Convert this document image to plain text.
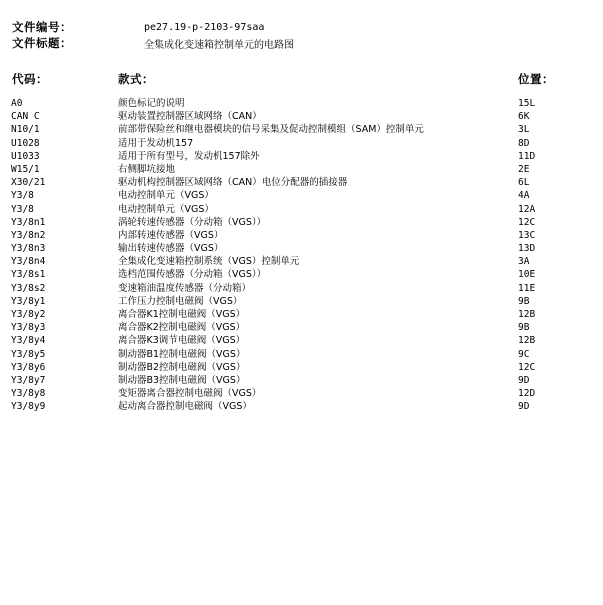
文件编号：	pe27.19-p-2103-97saa
文件标题：	全集成化变速箱控制单元的电路图
代码：	款式：	位置：
A0	颜色标记的说明	15L
CAN C	驱动装置控制器区域网络（CAN）	6K
N10/1	前部带保险丝和继电器模块的信号采集及促动控制模组（SAM）控制单元	3L
U1028	适用于发动机157	8D
U1033	适用于所有型号，发动机157除外	11D
W15/1	右侧脚坑接地	2E
X30/21	驱动机构控制器区域网络（CAN）电位分配器的插接器	6L
Y3/8	电动控制单元（VGS）	4A
Y3/8	电动控制单元（VGS）	12A
Y3/8n1	涡轮转速传感器（分动箱（VGS））	12C
Y3/8n2	内部转速传感器（VGS）	13C
Y3/8n3	输出转速传感器（VGS）	13D
Y3/8n4	全集成化变速箱控制系统（VGS）控制单元	3A
Y3/8s1	选档范围传感器（分动箱（VGS））	10E
Y3/8s2	变速箱油温度传感器（分动箱）	11E
Y3/8y1	工作压力控制电磁阀（VGS）	9B
Y3/8y2	离合器K1控制电磁阀（VGS）	12B
Y3/8y3	离合器K2控制电磁阀（VGS）	9B
Y3/8y4	离合器K3调节电磁阀（VGS）	12B
Y3/8y5	制动器B1控制电磁阀（VGS）	9C
Y3/8y6	制动器B2控制电磁阀（VGS）	12C
Y3/8y7	制动器B3控制电磁阀（VGS）	9D
Y3/8y8	变矩器离合器控制电磁阀（VGS）	12D
Y3/8y9	起动离合器控制电磁阀（VGS）	9D
